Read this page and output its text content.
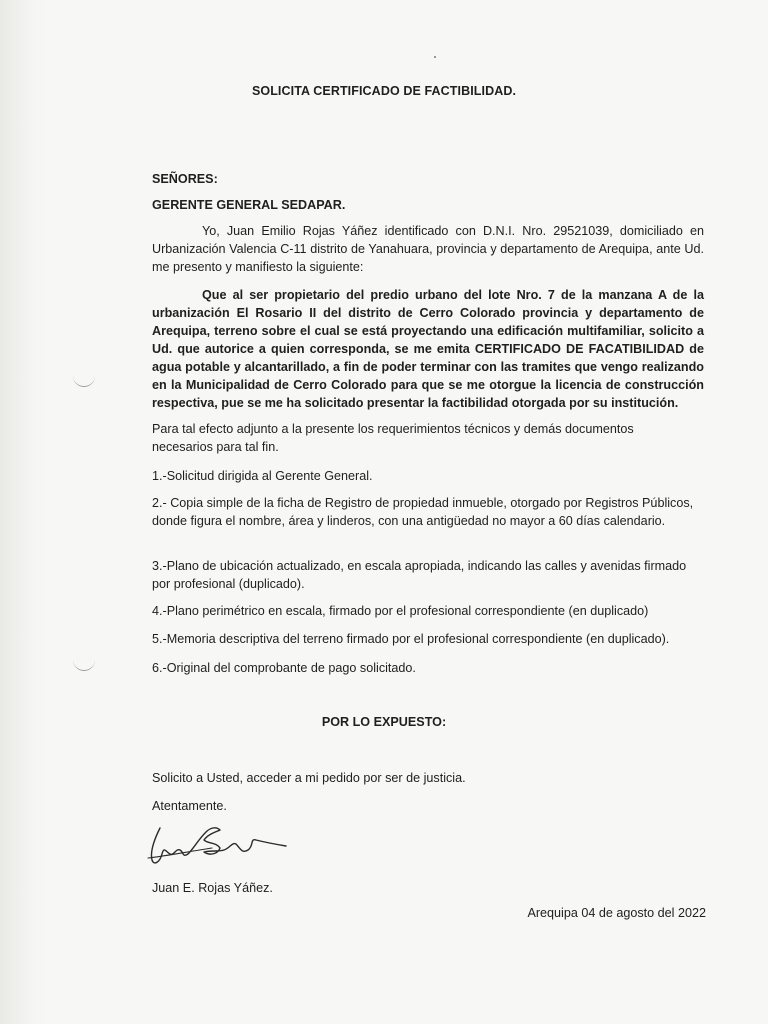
SOLICITA CERTIFICADO DE FACTIBILIDAD.

SEÑORES:

GERENTE GENERAL SEDAPAR.

Yo, Juan Emilio Rojas Yáñez identificado con D.N.I. Nro. 29521039, domiciliado en Urbanización Valencia C-11 distrito de Yanahuara, provincia y departamento de Arequipa, ante Ud. me presento y manifiesto la siguiente:

Que al ser propietario del predio urbano del lote Nro. 7 de la manzana A de la urbanización El Rosario II del distrito de Cerro Colorado provincia y departamento de Arequipa, terreno sobre el cual se está proyectando una edificación multifamiliar, solicito a Ud. que autorice a quien corresponda, se me emita CERTIFICADO DE FACATIBILIDAD de agua potable y alcantarillado, a fin de poder terminar con las tramites que vengo realizando en la Municipalidad de Cerro Colorado para que se me otorgue la licencia de construcción respectiva, pue se me ha solicitado presentar la factibilidad otorgada por su institución.

Para tal efecto adjunto a la presente los requerimientos técnicos y demás documentos necesarios para tal fin.

1.-Solicitud dirigida al Gerente General.

2.- Copia simple de la ficha de Registro de propiedad inmueble, otorgado por Registros Públicos, donde figura el nombre, área y linderos, con una antigüedad no mayor a 60 días calendario.

3.-Plano de ubicación actualizado, en escala apropiada, indicando las calles y avenidas firmado por profesional (duplicado).

4.-Plano perimétrico en escala, firmado por el profesional correspondiente (en duplicado)

5.-Memoria descriptiva del terreno firmado por el profesional correspondiente (en duplicado).

6.-Original del comprobante de pago solicitado.

POR LO EXPUESTO:

Solicito a Usted, acceder a mi pedido por ser de justicia.

Atentamente.

Juan E. Rojas Yáñez.

Arequipa 04 de agosto del 2022
